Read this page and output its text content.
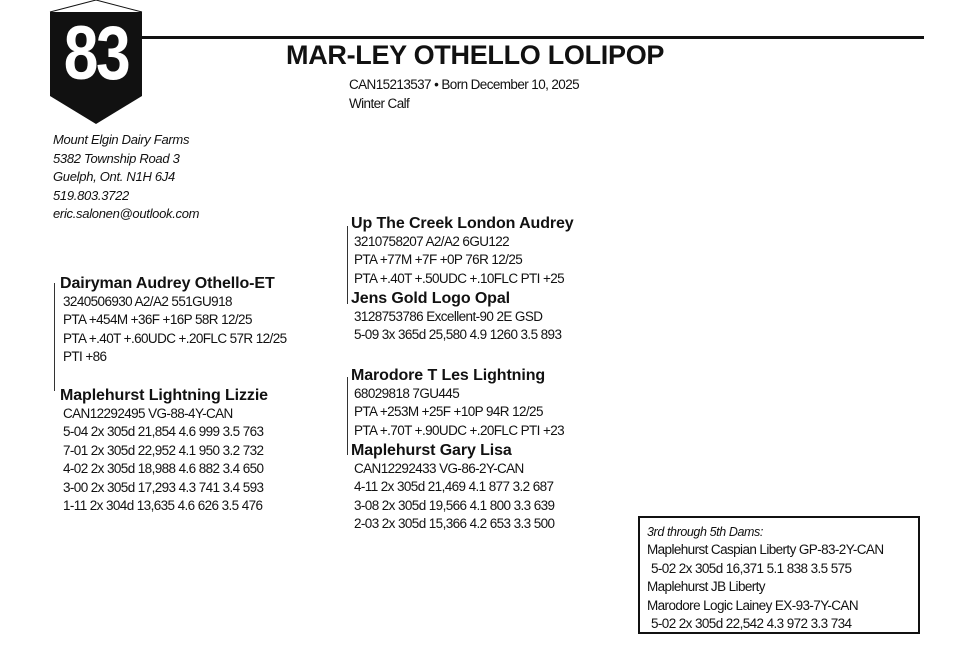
83	MAR-LEY OTHELLO LOLIPOP
CAN15213537 • Born December 10, 2025
Winter Calf
Mount Elgin Dairy Farms
5382 Township Road 3
Guelph, Ont. N1H 6J4
519.803.3722
eric.salonen@outlook.com
Dairyman Audrey Othello-ET
3240506930 A2/A2 551GU918
PTA +454M +36F +16P 58R 12/25
PTA +.40T +.60UDC +.20FLC 57R 12/25
PTI +86
Maplehurst Lightning Lizzie
CAN12292495 VG-88-4Y-CAN
5-04 2x 305d 21,854 4.6 999 3.5 763
7-01 2x 305d 22,952 4.1 950 3.2 732
4-02 2x 305d 18,988 4.6 882 3.4 650
3-00 2x 305d 17,293 4.3 741 3.4 593
1-11 2x 304d 13,635 4.6 626 3.5 476
Up The Creek London Audrey
3210758207 A2/A2 6GU122
PTA +77M +7F +0P 76R 12/25
PTA +.40T +.50UDC +.10FLC PTI +25
Jens Gold Logo Opal
3128753786 Excellent-90 2E GSD
5-09 3x 365d 25,580 4.9 1260 3.5 893
Marodore T Les Lightning
68029818 7GU445
PTA +253M +25F +10P 94R 12/25
PTA +.70T +.90UDC +.20FLC PTI +23
Maplehurst Gary Lisa
CAN12292433 VG-86-2Y-CAN
4-11 2x 305d 21,469 4.1 877 3.2 687
3-08 2x 305d 19,566 4.1 800 3.3 639
2-03 2x 305d 15,366 4.2 653 3.3 500
3rd through 5th Dams:
Maplehurst Caspian Liberty GP-83-2Y-CAN
5-02 2x 305d 16,371 5.1 838 3.5 575
Maplehurst JB Liberty
Marodore Logic Lainey EX-93-7Y-CAN
5-02 2x 305d 22,542 4.3 972 3.3 734
